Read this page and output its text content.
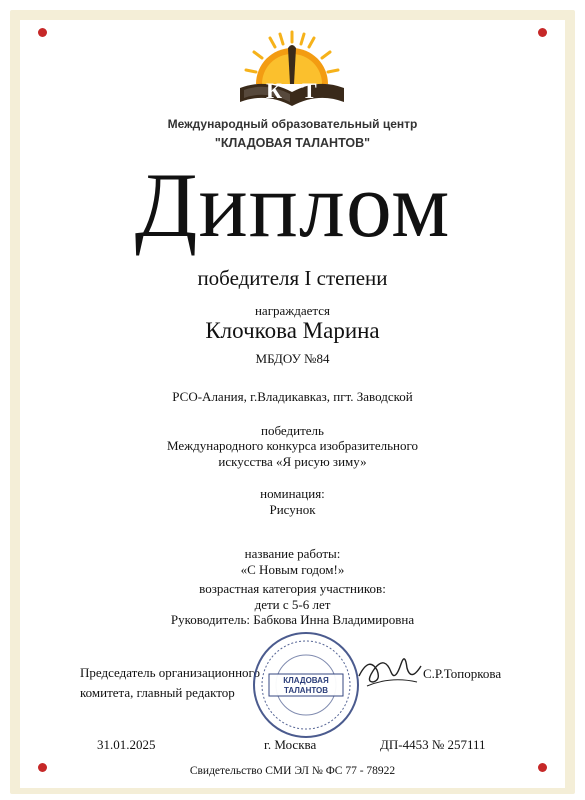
К Т
Международный образовательный центр
"КЛАДОВАЯ ТАЛАНТОВ"
Диплом
победителя I степени
награждается
Клочкова Марина
МБДОУ №84
РСО-Алания, г.Владикавказ, пгт. Заводской
победитель
Международного конкурса изобразительного
искусства «Я рисую зиму»
номинация:
Рисунок
название работы:
«С Новым годом!»
возрастная категория участников:
дети с 5-6 лет
Руководитель: Бабкова Инна Владимировна
Председатель организационного
комитета, главный редактор
КЛАДОВАЯ
ТАЛАНТОВ
С.Р.Топоркова
31.01.2025	г. Москва	ДП-4453 № 257111
Свидетельство СМИ ЭЛ № ФС 77 - 78922
